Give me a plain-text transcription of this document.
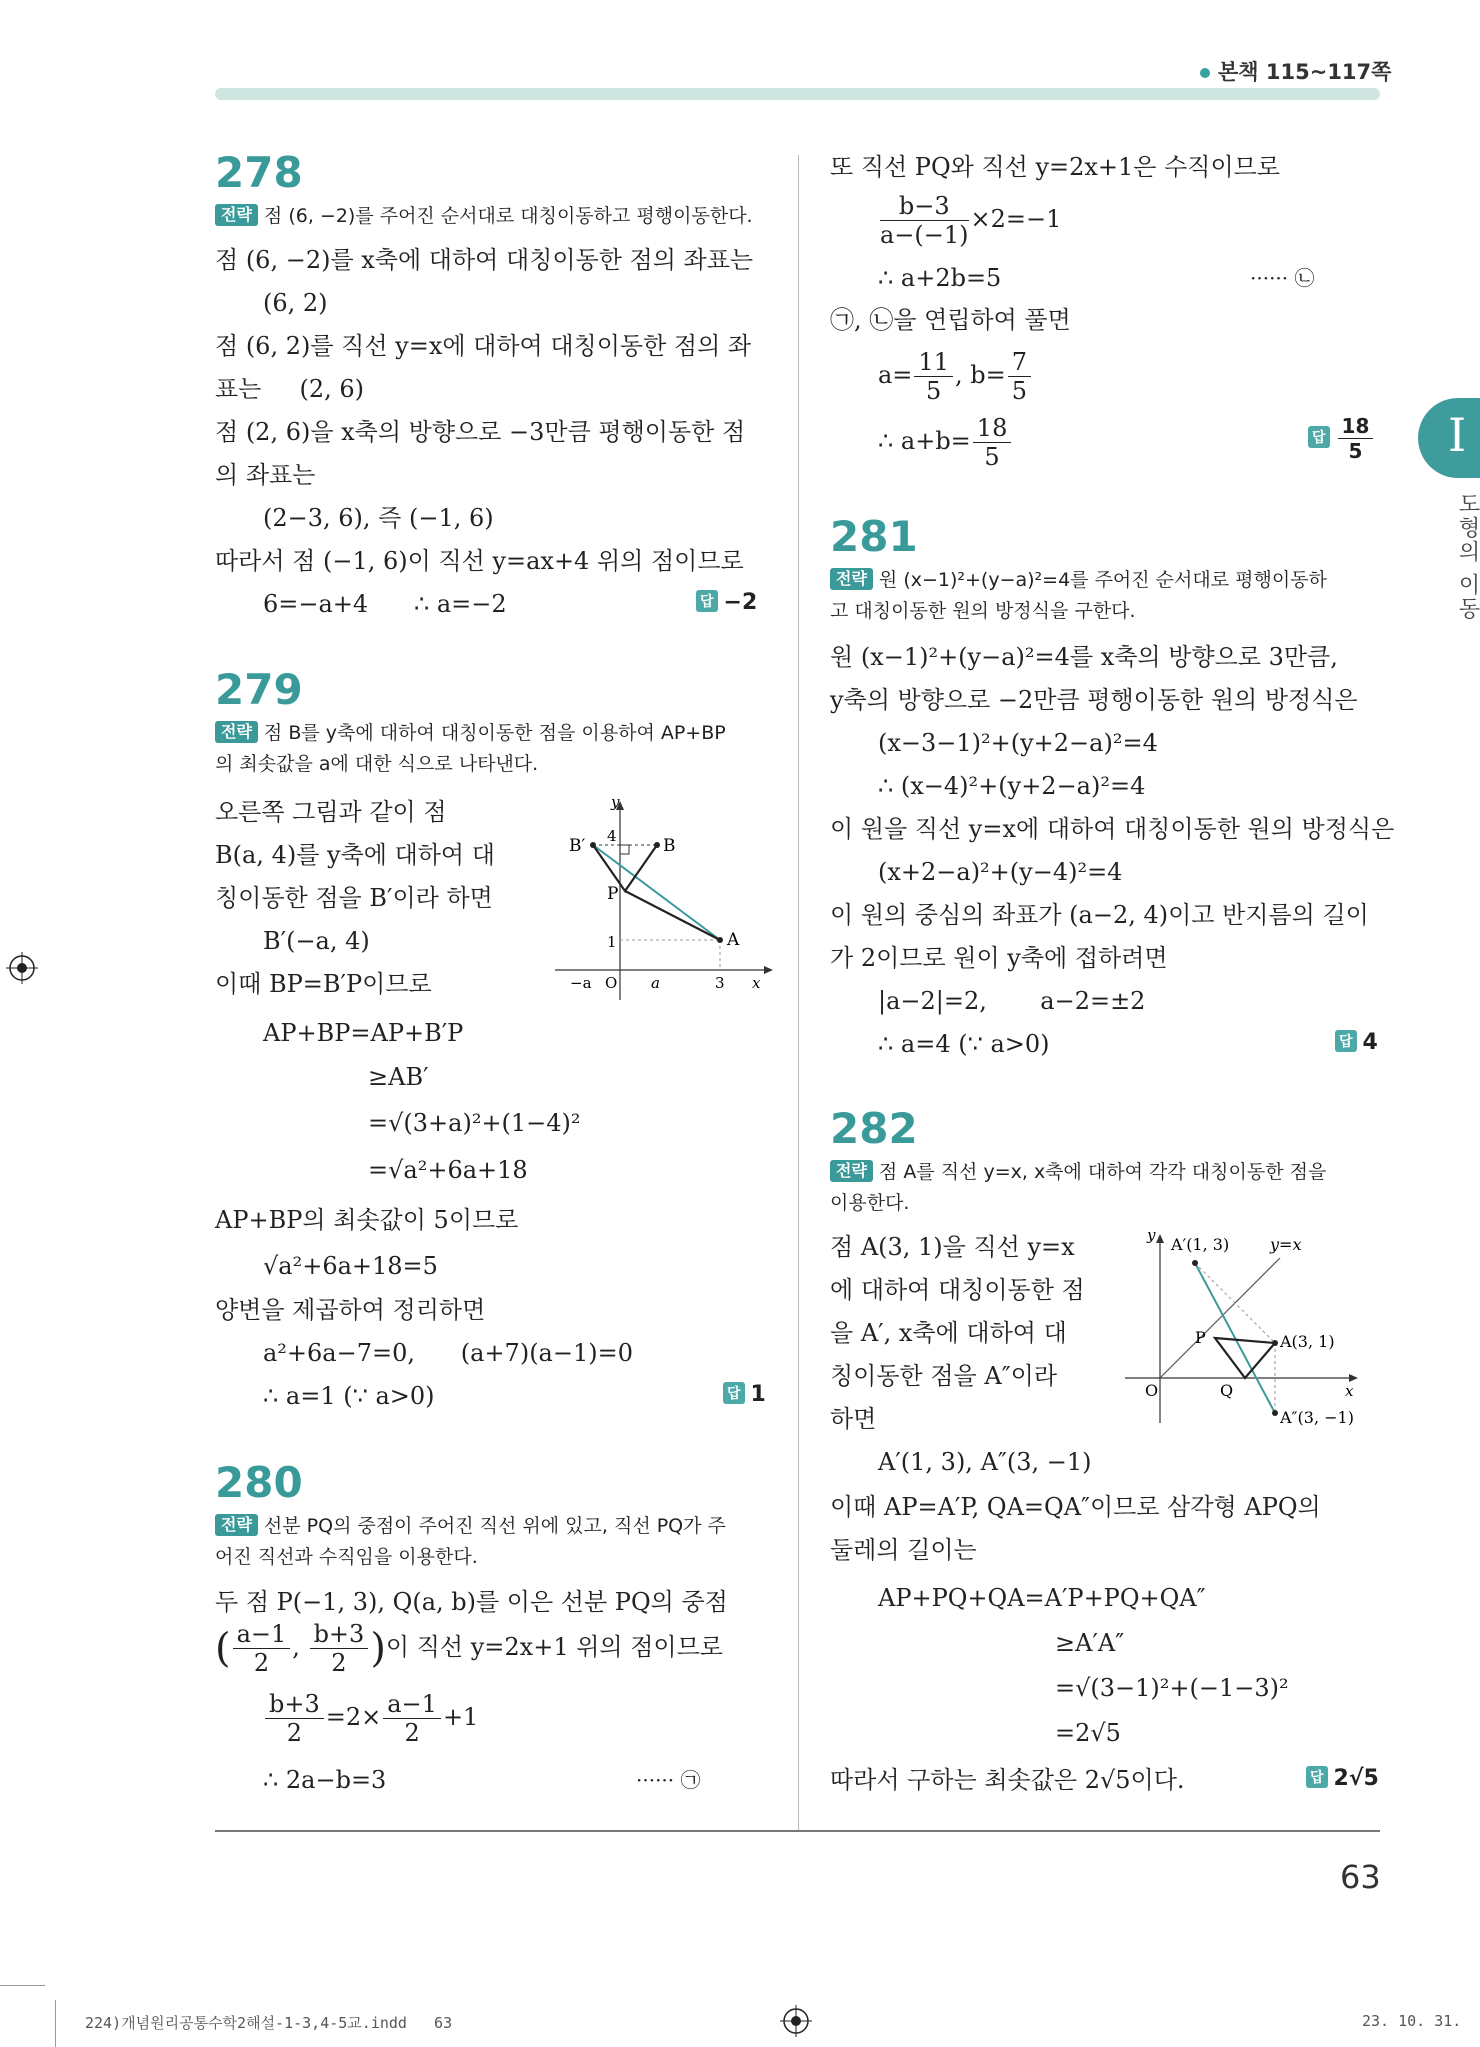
본책 115~117쪽
I
도형의 이동
278
전략 점 (6, −2)를 주어진 순서대로 대칭이동하고 평행이동한다.
점 (6, −2)를 x축에 대하여 대칭이동한 점의 좌표는
(6, 2)
점 (6, 2)를 직선 y=x에 대하여 대칭이동한 점의 좌
표는     (2, 6)
점 (2, 6)을 x축의 방향으로 −3만큼 평행이동한 점
의 좌표는
(2−3, 6), 즉 (−1, 6)
따라서 점 (−1, 6)이 직선 y=ax+4 위의 점이므로
6=−a+4      ∴ a=−2	답 −2
279
전략 점 B를 y축에 대하여 대칭이동한 점을 이용하여 AP+BP
의 최솟값을 a에 대한 식으로 나타낸다.
오른쪽 그림과 같이 점
B(a, 4)를 y축에 대하여 대
칭이동한 점을 B′이라 하면
B′(−a, 4)
이때 BP=B′P이므로
AP+BP=AP+B′P
≥AB′
=√(3+a)²+(1−4)²
=√a²+6a+18
AP+BP의 최솟값이 5이므로
√a²+6a+18=5
양변을 제곱하여 정리하면
a²+6a−7=0,      (a+7)(a−1)=0
∴ a=1 (∵ a>0)	답 1
y
4
B′	B
P
1	A
−a O a	3 x
280
전략 선분 PQ의 중점이 주어진 직선 위에 있고, 직선 PQ가 주
어진 직선과 수직임을 이용한다.
두 점 P(−1, 3), Q(a, b)를 이은 선분 PQ의 중점
( $\frac{a-1}{2}$ , $\frac{b+3}{2}$ )이 직선 y=2x+1 위의 점이므로
$\frac{b+3}{2} =2\times \frac{a-1}{2} +1$
∴ 2a−b=3	······ ㉠
또 직선 PQ와 직선 y=2x+1은 수직이므로
$\frac{b-3}{a-(-1)} \times 2=-1$
∴ a+2b=5	······ ㉡
㉠, ㉡을 연립하여 풀면
$a= \frac{11}{5}$ , $b= \frac{7}{5}$
∴ $a+b= \frac{18}{5}$	답 $\frac{18}{5}$
281
전략 원 (x−1)²+(y−a)²=4를 주어진 순서대로 평행이동하
고 대칭이동한 원의 방정식을 구한다.
원 (x−1)²+(y−a)²=4를 x축의 방향으로 3만큼,
y축의 방향으로 −2만큼 평행이동한 원의 방정식은
(x−3−1)²+(y+2−a)²=4
∴ (x−4)²+(y+2−a)²=4
이 원을 직선 y=x에 대하여 대칭이동한 원의 방정식은
(x+2−a)²+(y−4)²=4
이 원의 중심의 좌표가 (a−2, 4)이고 반지름의 길이
가 2이므로 원이 y축에 접하려면
|a−2|=2,       a−2=±2
∴ a=4 (∵ a>0)	답 4
282
전략 점 A를 직선 y=x, x축에 대하여 각각 대칭이동한 점을
이용한다.
점 A(3, 1)을 직선 y=x
에 대하여 대칭이동한 점
을 A′, x축에 대하여 대
칭이동한 점을 A″이라
하면
A′(1, 3), A″(3, −1)
이때 AP=A′P, QA=QA″이므로 삼각형 APQ의
둘레의 길이는
AP+PQ+QA=A′P+PQ+QA″
≥A′A″
=√(3−1)²+(−1−3)²
=2√5
따라서 구하는 최솟값은 2√5이다.	답 2√5
y A′(1, 3)	y=x
P	A(3, 1)
O	Q	x
A″(3, −1)
63
224)개념원리공통수학2해설-1-3,4-5교.indd   63	23. 10. 31.
